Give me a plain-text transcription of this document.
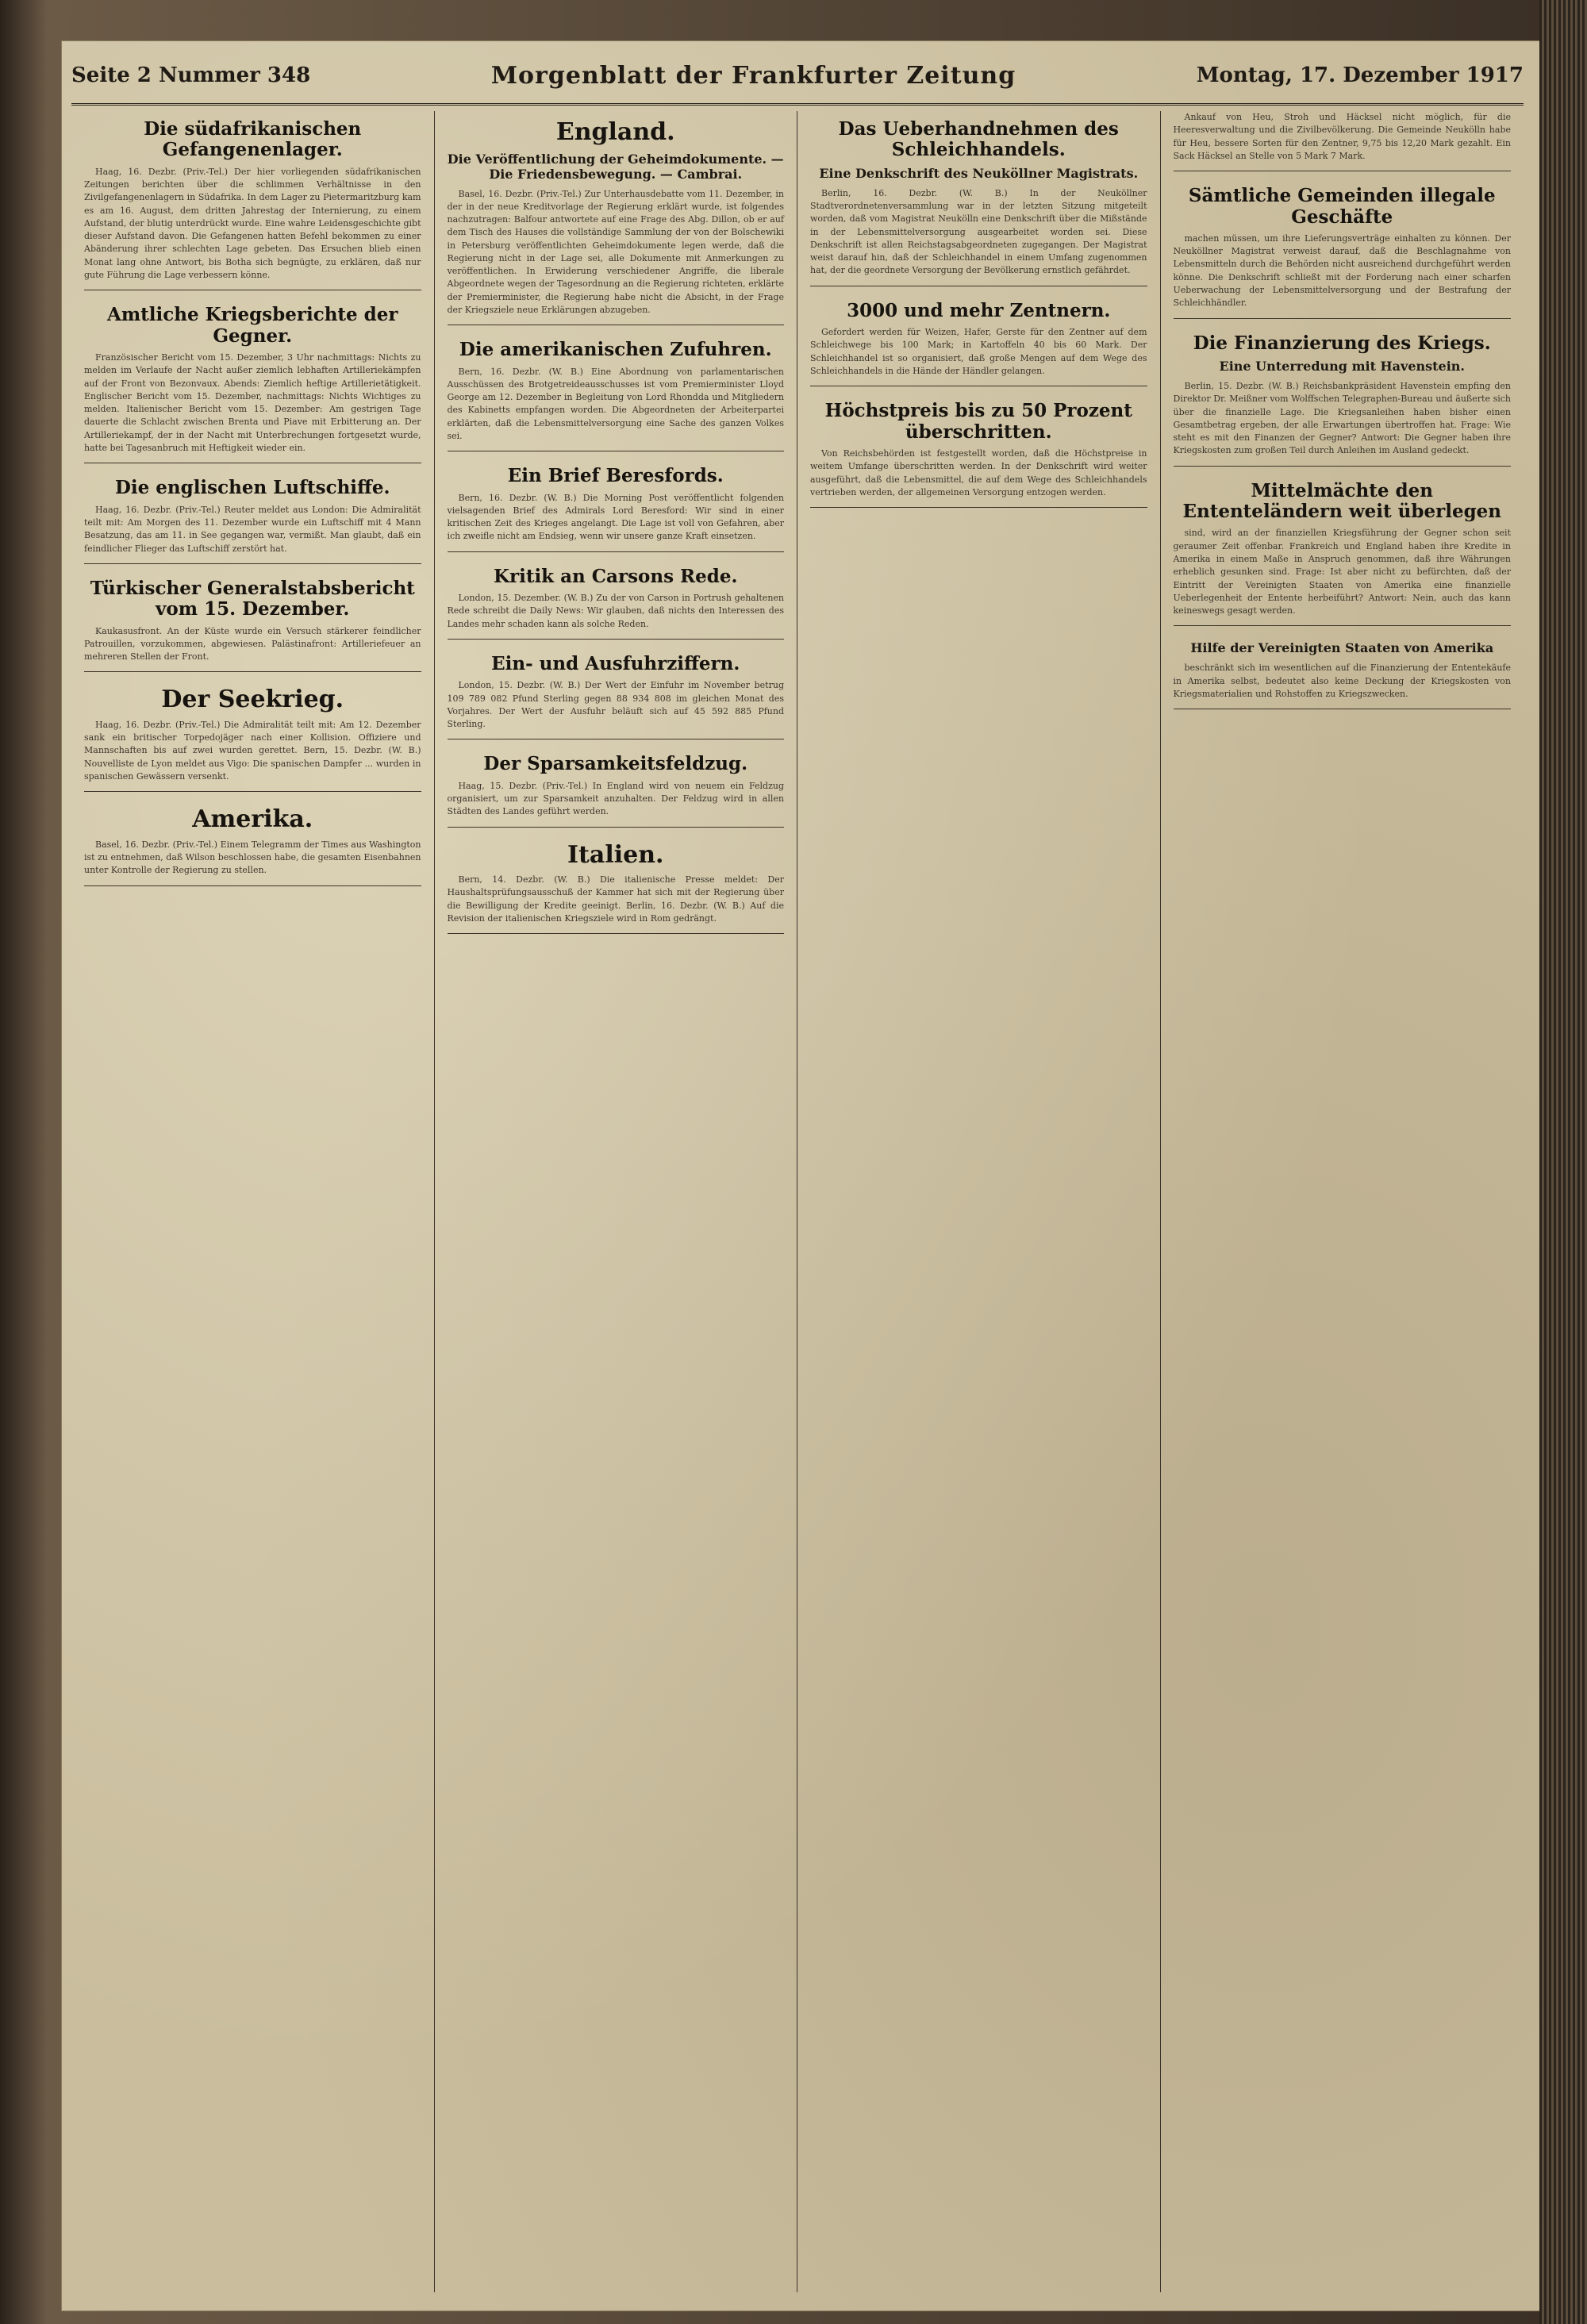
Seite 2 Nummer 348	Morgenblatt der Frankfurter Zeitung	Montag, 17. Dezember 1917
Die südafrikanischen Gefangenenlager.

Haag, 16. Dezbr. (Priv.-Tel.) Der hier vorliegenden südafrikanischen Zeitungen berichten über die schlimmen Verhältnisse in den Zivilgefangenenlagern in Südafrika. In dem Lager zu Pietermaritzburg kam es am 16. August, dem dritten Jahrestag der Internierung, zu einem Aufstand, der blutig unterdrückt wurde. Eine wahre Leidensgeschichte gibt dieser Aufstand davon. Die Gefangenen hatten Befehl bekommen zu einer Abänderung ihrer schlechten Lage gebeten. Das Ersuchen blieb einen Monat lang ohne Antwort, bis Botha sich begnügte, zu erklären, daß nur gute Führung die Lage verbessern könne.

Amtliche Kriegsberichte der Gegner.

Französischer Bericht vom 15. Dezember, 3 Uhr nachmittags: Nichts zu melden im Verlaufe der Nacht außer ziemlich lebhaften Artilleriekämpfen auf der Front von Bezonvaux. Abends: Ziemlich heftige Artillerietätigkeit. Englischer Bericht vom 15. Dezember, nachmittags: Nichts Wichtiges zu melden. Italienischer Bericht vom 15. Dezember: Am gestrigen Tage dauerte die Schlacht zwischen Brenta und Piave mit Erbitterung an. Der Artilleriekampf, der in der Nacht mit Unterbrechungen fortgesetzt wurde, hatte bei Tagesanbruch mit Heftigkeit wieder ein.

Die englischen Luftschiffe.

Haag, 16. Dezbr. (Priv.-Tel.) Reuter meldet aus London: Die Admiralität teilt mit: Am Morgen des 11. Dezember wurde ein Luftschiff mit 4 Mann Besatzung, das am 11. in See gegangen war, vermißt. Man glaubt, daß ein feindlicher Flieger das Luftschiff zerstört hat.

Türkischer Generalstabsbericht vom 15. Dezember.

Kaukasusfront. An der Küste wurde ein Versuch stärkerer feindlicher Patrouillen, vorzukommen, abgewiesen. Palästinafront: Artilleriefeuer an mehreren Stellen der Front.

Der Seekrieg.

Haag, 16. Dezbr. (Priv.-Tel.) Die Admiralität teilt mit: Am 12. Dezember sank ein britischer Torpedojäger nach einer Kollision. Offiziere und Mannschaften bis auf zwei wurden gerettet. Bern, 15. Dezbr. (W. B.) Nouvelliste de Lyon meldet aus Vigo: Die spanischen Dampfer ... wurden in spanischen Gewässern versenkt.

Amerika.

Basel, 16. Dezbr. (Priv.-Tel.) Einem Telegramm der Times aus Washington ist zu entnehmen, daß Wilson beschlossen habe, die gesamten Eisenbahnen unter Kontrolle der Regierung zu stellen.

England.
Die Veröffentlichung der Geheimdokumente. — Die Friedensbewegung. — Cambrai.

Basel, 16. Dezbr. (Priv.-Tel.) Zur Unterhausdebatte vom 11. Dezember, in der in der neue Kreditvorlage der Regierung erklärt wurde, ist folgendes nachzutragen: Balfour antwortete auf eine Frage des Abg. Dillon, ob er auf dem Tisch des Hauses die vollständige Sammlung der von der Bolschewiki in Petersburg veröffentlichten Geheimdokumente legen werde, daß die Regierung nicht in der Lage sei, alle Dokumente mit Anmerkungen zu veröffentlichen. In Erwiderung verschiedener Angriffe, die liberale Abgeordnete wegen der Tagesordnung an die Regierung richteten, erklärte der Premierminister, die Regierung habe nicht die Absicht, in der Frage der Kriegsziele neue Erklärungen abzugeben.

Die amerikanischen Zufuhren.

Bern, 16. Dezbr. (W. B.) Eine Abordnung von parlamentarischen Ausschüssen des Brotgetreideausschusses ist vom Premierminister Lloyd George am 12. Dezember in Begleitung von Lord Rhondda und Mitgliedern des Kabinetts empfangen worden. Die Abgeordneten der Arbeiterpartei erklärten, daß die Lebensmittelversorgung eine Sache des ganzen Volkes sei.

Ein Brief Beresfords.

Bern, 16. Dezbr. (W. B.) Die Morning Post veröffentlicht folgenden vielsagenden Brief des Admirals Lord Beresford: Wir sind in einer kritischen Zeit des Krieges angelangt. Die Lage ist voll von Gefahren, aber ich zweifle nicht am Endsieg, wenn wir unsere ganze Kraft einsetzen.

Kritik an Carsons Rede.

London, 15. Dezember. (W. B.) Zu der von Carson in Portrush gehaltenen Rede schreibt die Daily News: Wir glauben, daß nichts den Interessen des Landes mehr schaden kann als solche Reden.

Ein- und Ausfuhrziffern.

London, 15. Dezbr. (W. B.) Der Wert der Einfuhr im November betrug 109 789 082 Pfund Sterling gegen 88 934 808 im gleichen Monat des Vorjahres. Der Wert der Ausfuhr beläuft sich auf 45 592 885 Pfund Sterling.

Der Sparsamkeitsfeldzug.

Haag, 15. Dezbr. (Priv.-Tel.) In England wird von neuem ein Feldzug organisiert, um zur Sparsamkeit anzuhalten. Der Feldzug wird in allen Städten des Landes geführt werden.

Italien.

Bern, 14. Dezbr. (W. B.) Die italienische Presse meldet: Der Haushaltsprüfungsausschuß der Kammer hat sich mit der Regierung über die Bewilligung der Kredite geeinigt. Berlin, 16. Dezbr. (W. B.) Auf die Revision der italienischen Kriegsziele wird in Rom gedrängt.

Das Ueberhandnehmen des Schleichhandels.
Eine Denkschrift des Neuköllner Magistrats.

Berlin, 16. Dezbr. (W. B.) In der Neuköllner Stadtverordnetenversammlung war in der letzten Sitzung mitgeteilt worden, daß vom Magistrat Neukölln eine Denkschrift über die Mißstände in der Lebensmittelversorgung ausgearbeitet worden sei. Diese Denkschrift ist allen Reichstagsabgeordneten zugegangen. Der Magistrat weist darauf hin, daß der Schleichhandel in einem Umfang zugenommen hat, der die geordnete Versorgung der Bevölkerung ernstlich gefährdet.

3000 und mehr Zentnern.

Gefordert werden für Weizen, Hafer, Gerste für den Zentner auf dem Schleichwege bis 100 Mark; in Kartoffeln 40 bis 60 Mark. Der Schleichhandel ist so organisiert, daß große Mengen auf dem Wege des Schleichhandels in die Hände der Händler gelangen.

Höchstpreis bis zu 50 Prozent überschritten.

Von Reichsbehörden ist festgestellt worden, daß die Höchstpreise in weitem Umfange überschritten werden. In der Denkschrift wird weiter ausgeführt, daß die Lebensmittel, die auf dem Wege des Schleichhandels vertrieben werden, der allgemeinen Versorgung entzogen werden.

Ankauf von Heu, Stroh und Häcksel nicht möglich, für die Heeresverwaltung und die Zivilbevölkerung. Die Gemeinde Neukölln habe für Heu, bessere Sorten für den Zentner, 9,75 bis 12,20 Mark gezahlt. Ein Sack Häcksel an Stelle von 5 Mark 7 Mark.

Sämtliche Gemeinden illegale Geschäfte

machen müssen, um ihre Lieferungsverträge einhalten zu können. Der Neuköllner Magistrat verweist darauf, daß die Beschlagnahme von Lebensmitteln durch die Behörden nicht ausreichend durchgeführt werden könne. Die Denkschrift schließt mit der Forderung nach einer scharfen Ueberwachung der Lebensmittelversorgung und der Bestrafung der Schleichhändler.

Die Finanzierung des Kriegs.
Eine Unterredung mit Havenstein.

Berlin, 15. Dezbr. (W. B.) Reichsbankpräsident Havenstein empfing den Direktor Dr. Meißner vom Wolffschen Telegraphen-Bureau und äußerte sich über die finanzielle Lage. Die Kriegsanleihen haben bisher einen Gesamtbetrag ergeben, der alle Erwartungen übertroffen hat. Frage: Wie steht es mit den Finanzen der Gegner? Antwort: Die Gegner haben ihre Kriegskosten zum großen Teil durch Anleihen im Ausland gedeckt.

Mittelmächte den Ententeländern weit überlegen

sind, wird an der finanziellen Kriegsführung der Gegner schon seit geraumer Zeit offenbar. Frankreich und England haben ihre Kredite in Amerika in einem Maße in Anspruch genommen, daß ihre Währungen erheblich gesunken sind. Frage: Ist aber nicht zu befürchten, daß der Eintritt der Vereinigten Staaten von Amerika eine finanzielle Ueberlegenheit der Entente herbeiführt? Antwort: Nein, auch das kann keineswegs gesagt werden.

Hilfe der Vereinigten Staaten von Amerika

beschränkt sich im wesentlichen auf die Finanzierung der Ententekäufe in Amerika selbst, bedeutet also keine Deckung der Kriegskosten von Kriegsmaterialien und Rohstoffen zu Kriegszwecken.
